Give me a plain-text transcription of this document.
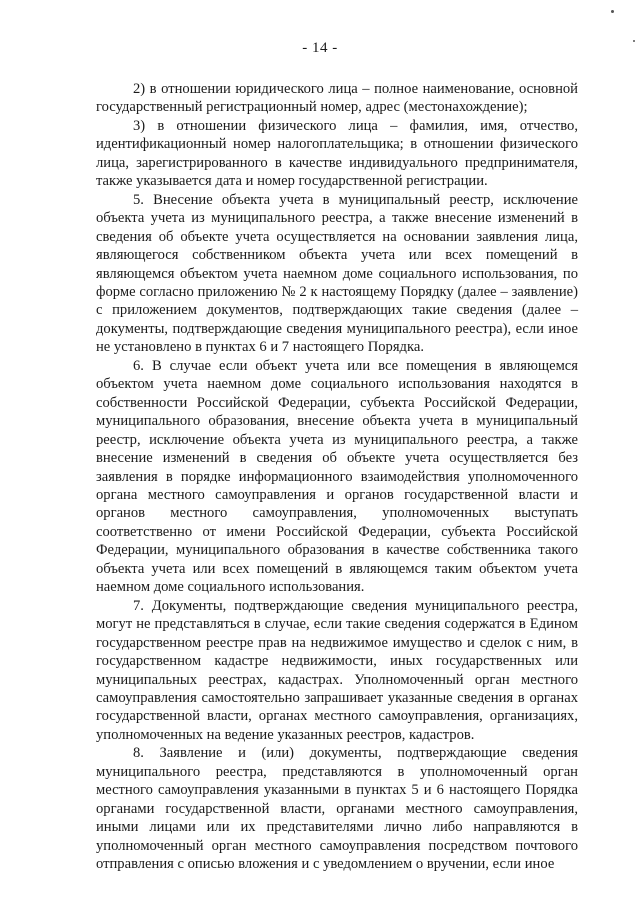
- 14 -

2) в отношении юридического лица – полное наименование, основной государственный регистрационный номер, адрес (местонахождение);

3) в отношении физического лица – фамилия, имя, отчество, идентификационный номер налогоплательщика; в отношении физического лица, зарегистрированного в качестве индивидуального предпринимателя, также указывается дата и номер государственной регистрации.

5. Внесение объекта учета в муниципальный реестр, исключение объекта учета из муниципального реестра, а также внесение изменений в сведения об объекте учета осуществляется на основании заявления лица, являющегося собственником объекта учета или всех помещений в являющемся объектом учета наемном доме социального использования, по форме согласно приложению № 2 к настоящему Порядку (далее – заявление) с приложением документов, подтверждающих такие сведения (далее – документы, подтверждающие сведения муниципального реестра), если иное не установлено в пунктах 6 и 7 настоящего Порядка.

6. В случае если объект учета или все помещения в являющемся объектом учета наемном доме социального использования находятся в собственности Российской Федерации, субъекта Российской Федерации, муниципального образования, внесение объекта учета в муниципальный реестр, исключение объекта учета из муниципального реестра, а также внесение изменений в сведения об объекте учета осуществляется без заявления в порядке информационного взаимодействия уполномоченного органа местного самоуправления и органов государственной власти и органов местного самоуправления, уполномоченных выступать соответственно от имени Российской Федерации, субъекта Российской Федерации, муниципального образования в качестве собственника такого объекта учета или всех помещений в являющемся таким объектом учета наемном доме социального использования.

7. Документы, подтверждающие сведения муниципального реестра, могут не представляться в случае, если такие сведения содержатся в Едином государственном реестре прав на недвижимое имущество и сделок с ним, в государственном кадастре недвижимости, иных государственных или муниципальных реестрах, кадастрах. Уполномоченный орган местного самоуправления самостоятельно запрашивает указанные сведения в органах государственной власти, органах местного самоуправления, организациях, уполномоченных на ведение указанных реестров, кадастров.

8. Заявление и (или) документы, подтверждающие сведения муниципального реестра, представляются в уполномоченный орган местного самоуправления указанными в пунктах 5 и 6 настоящего Порядка органами государственной власти, органами местного самоуправления, иными лицами или их представителями лично либо направляются в уполномоченный орган местного самоуправления посредством почтового отправления с описью вложения и с уведомлением о вручении, если иное
